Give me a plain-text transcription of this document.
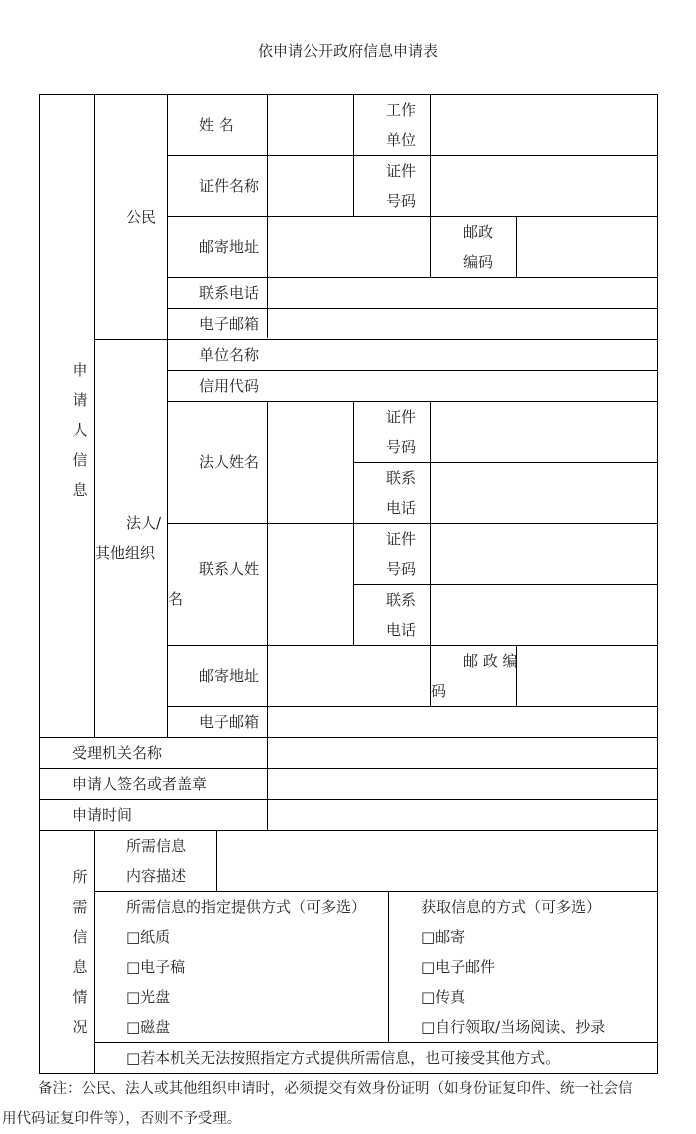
依申请公开政府信息申请表
申请人信息
公民
姓 名
工作
单位
证件名称
证件
号码
邮寄地址
邮政
编码
联系电话
电子邮箱
法人/
其他组织
单位名称
信用代码
法人姓名
证件
号码
联系
电话
联系人姓
名
证件
号码
联系
电话
邮寄地址
邮 政 编
码
电子邮箱
受理机关名称
申请人签名或者盖章
申请时间
所需信息情况
所需信息
内容描述
所需信息的指定提供方式（可多选）
□纸质
□电子稿
□光盘
□磁盘
获取信息的方式（可多选）
□邮寄
□电子邮件
□传真
□自行领取/当场阅读、抄录
□若本机关无法按照指定方式提供所需信息，也可接受其他方式。
备注：公民、法人或其他组织申请时，必须提交有效身份证明（如身份证复印件、统一社会信
用代码证复印件等），否则不予受理。
